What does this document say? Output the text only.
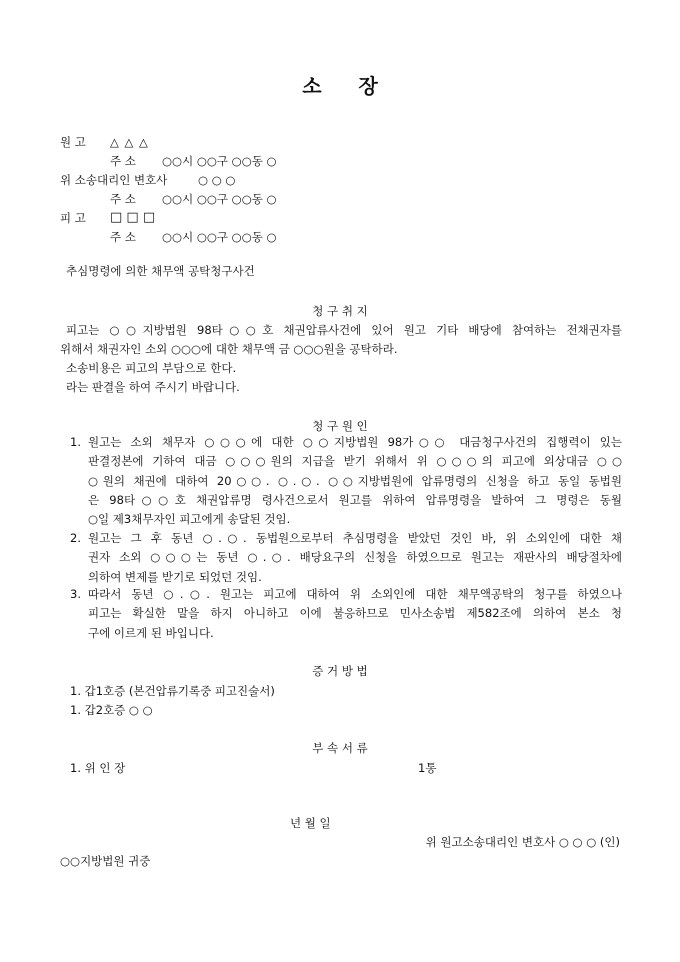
소 장
원 고 △ △ △
주 소 ○○시 ○○구 ○○동 ○
위 소송대리인 변호사	○ ○ ○
주 소 ○○시 ○○구 ○○동 ○
피 고 □ □ □
주 소 ○○시 ○○구 ○○동 ○
추심명령에 의한 채무액 공탁청구사건
청 구 취 지
피고는 ○○지방법원 98타○○호 채권압류사건에 있어 원고 기타 배당에 참여하는 전채권자를
위해서 채권자인 소외 ○○○에 대한 채무액 금 ○○○원을 공탁하라.
소송비용은 피고의 부담으로 한다.
라는 판결을 하여 주시기 바랍니다.
청 구 원 인
1. 원고는 소외 채무자 ○○○에 대한 ○○지방법원 98가○○ 대금청구사건의 집행력이 있는
판결정본에 기하여 대금 ○○○원의 지급을 받기 위해서 위 ○○○의 피고에 외상대금 ○○
○원의 채권에 대하여 20○○. ○.○. ○○지방법원에 압류명령의 신청을 하고 동일 동법원
은 98타○○호 채권압류명 령사건으로서 원고를 위하여 압류명령을 발하여 그 명령은 동월
○일 제3채무자인 피고에게 송달된 것임.
2. 원고는 그 후 동년 ○.○. 동법원으로부터 추심명령을 받았던 것인 바, 위 소외인에 대한 채
권자 소외 ○○○는 동년 ○.○. 배당요구의 신청을 하였으므로 원고는 재판사의 배당절차에
의하여 변제를 받기로 되었던 것임.
3. 따라서 동년 ○.○. 원고는 피고에 대하여 위 소외인에 대한 채무액공탁의 청구를 하였으나
피고는 확실한 말을 하지 아니하고 이에 불응하므로 민사소송법 제582조에 의하여 본소 청
구에 이르게 된 바입니다.
증 거 방 법
1. 갑1호증 (본건압류기록중 피고진술서)
1. 갑2호증 ○ ○
부 속 서 류
1. 위 인 장	1통
년 월 일
위 원고소송대리인 변호사 ○ ○ ○ (인)
○○지방법원 귀중
